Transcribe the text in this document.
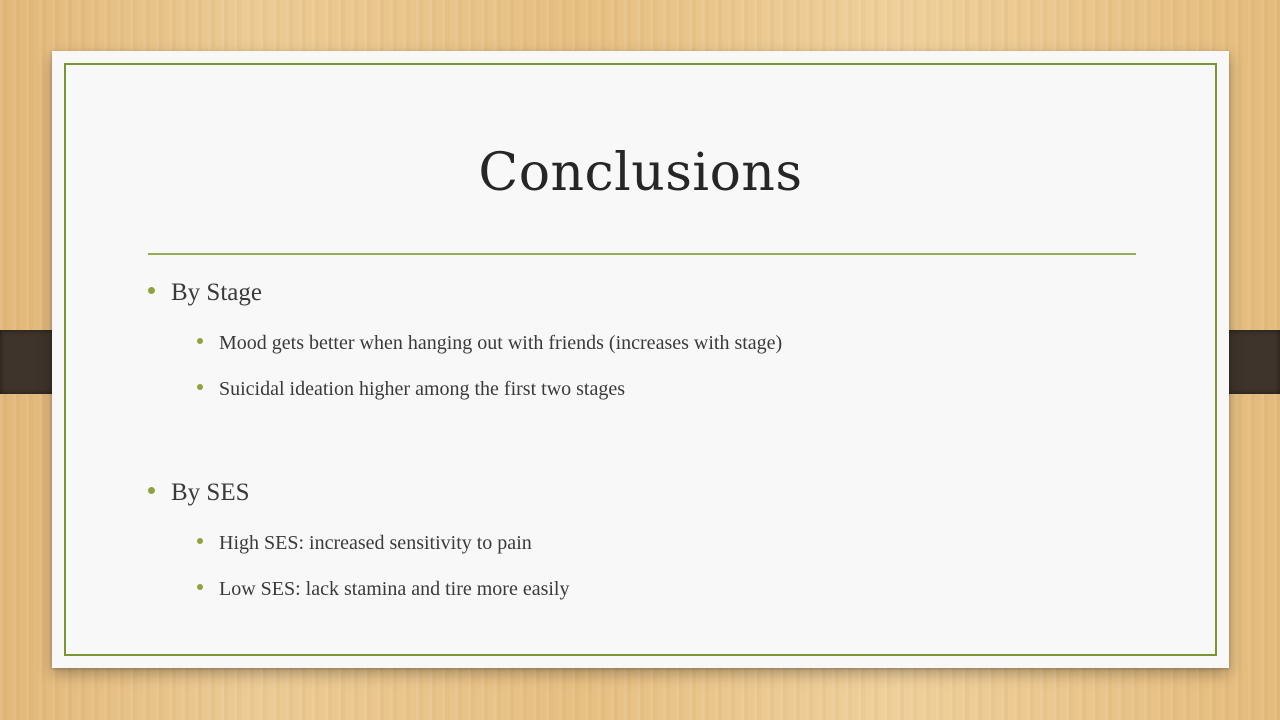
Conclusions
By Stage
Mood gets better when hanging out with friends (increases with stage)
Suicidal ideation higher among the first two stages
By SES
High SES: increased sensitivity to pain
Low SES: lack stamina and tire more easily
